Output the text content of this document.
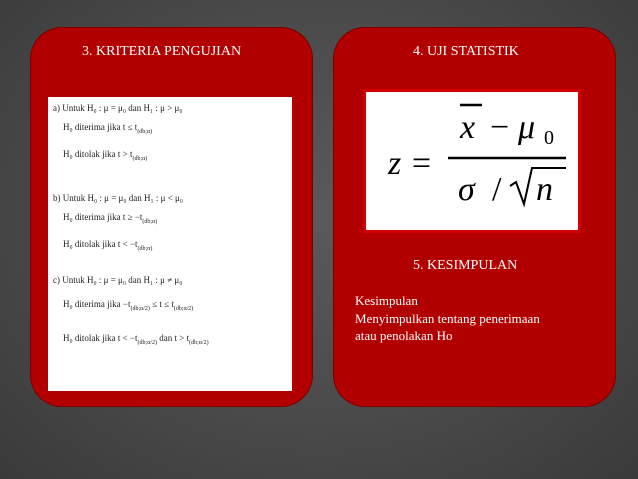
3. KRITERIA PENGUJIAN
a) Untuk H₀ : μ = μ₀ dan H₁ : μ > μ₀
H₀ diterima jika $t \le t_{(db;\alpha)}$
H₀ ditolak jika $t > t_{(db;\alpha)}$
b) Untuk H₀ : μ = μ₀ dan H₁ : μ < μ₀
H₀ diterima jika $t \ge -t_{(db;\alpha)}$
H₀ ditolak jika $t < -t_{(db;\alpha)}$
c) Untuk H₀ : μ = μ₀ dan H₁ : μ ≠ μ₀
H₀ diterima jika $-t_{(db;\alpha/2)} \le t \le t_{(db;\alpha/2)}$
H₀ ditolak jika $t < -t_{(db;\alpha/2)}$ dan $t > t_{(db;\alpha/2)}$
4. UJI STATISTIK
z =
x − μ 0
σ / n
5. KESIMPULAN
Kesimpulan
Menyimpulkan tentang penerimaan
atau penolakan Ho
